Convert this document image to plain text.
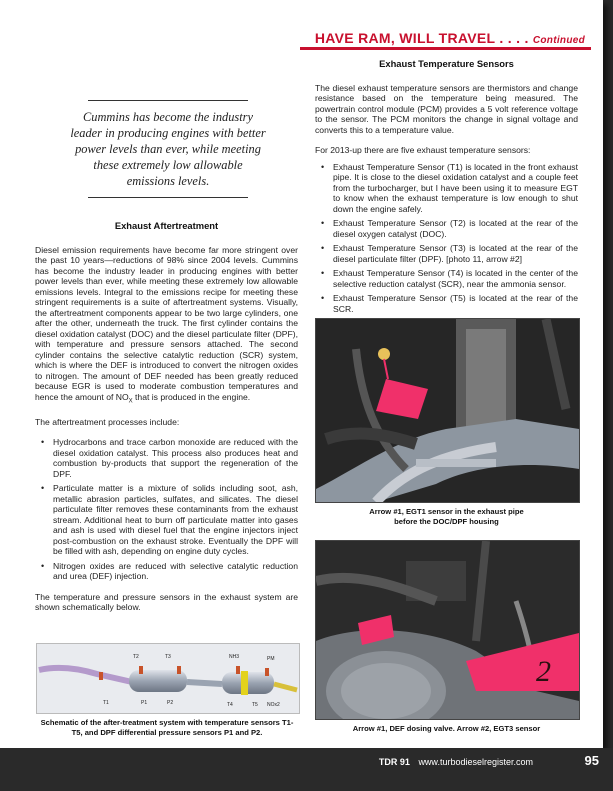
HAVE RAM, WILL TRAVEL . . . . Continued

Cummins has become the industry leader in producing engines with better power levels than ever, while meeting these extremely low allowable emissions levels.

Exhaust Aftertreatment

Diesel emission requirements have become far more stringent over the past 10 years—reductions of 98% since 2004 levels. Cummins has become the industry leader in producing engines with better power levels than ever, while meeting these extremely low allowable emissions levels. Integral to the emissions recipe for meeting these stringent requirements is a suite of aftertreatment systems. Visually, the aftertreatment components appear to be two large cylinders, one after the other, underneath the truck. The first cylinder contains the diesel oxidation catalyst (DOC) and the diesel particulate filter (DPF), with temperature and pressure sensors attached. The second cylinder contains the selective catalytic reduction (SCR) system, which is where the DEF is introduced to convert the nitrogen oxides to nitrogen. The amount of DEF needed has been greatly reduced because EGR is used to moderate combustion temperatures and hence the amount of $NO_X$ that is produced in the engine.

The aftertreatment processes include:

• Hydrocarbons and trace carbon monoxide are reduced with the diesel oxidation catalyst. This process also produces heat and combustion by-products that support the regeneration of the DPF.
• Particulate matter is a mixture of solids including soot, ash, metallic abrasion particles, sulfates, and silicates. The diesel particulate filter removes these contaminants from the exhaust stream. Additional heat to burn off particulate matter into gases and ash is used with diesel fuel that the engine injectors inject post-combustion on the exhaust stroke. Eventually the DPF will be filled with ash, depending on engine duty cycles.
• Nitrogen oxides are reduced with selective catalytic reduction and urea (DEF) injection.

The temperature and pressure sensors in the exhaust system are shown schematically below.

T2	T3	NH3	PM
T1	P1	P2	T4	T5 NOx2
Schematic of the after-treatment system with temperature sensors T1-T5, and DPF differential pressure sensors P1 and P2.
Exhaust Temperature Sensors

The diesel exhaust temperature sensors are thermistors and change resistance based on the temperature being measured. The powertrain control module (PCM) provides a 5 volt reference voltage to the sensor. The PCM monitors the change in signal voltage and converts this to a temperature value.

For 2013-up there are five exhaust temperature sensors:

• Exhaust Temperature Sensor (T1) is located in the front exhaust pipe. It is close to the diesel oxidation catalyst and a couple feet from the turbocharger, but I have been using it to measure EGT to know when the exhaust temperature is low enough to shut down the engine safely.
• Exhaust Temperature Sensor (T2) is located at the rear of the diesel oxygen catalyst (DOC).
• Exhaust Temperature Sensor (T3) is located at the rear of the diesel particulate filter (DPF). [photo 11, arrow #2]
• Exhaust Temperature Sensor (T4) is located in the center of the selective reduction catalyst (SCR), near the ammonia sensor.
• Exhaust Temperature Sensor (T5) is located at the rear of the SCR.
Arrow #1, EGT1 sensor in the exhaust pipe
before the DOC/DPF housing
2
Arrow #1, DEF dosing valve. Arrow #2, EGT3 sensor
TDR 91 www.turbodieselregister.com	95
